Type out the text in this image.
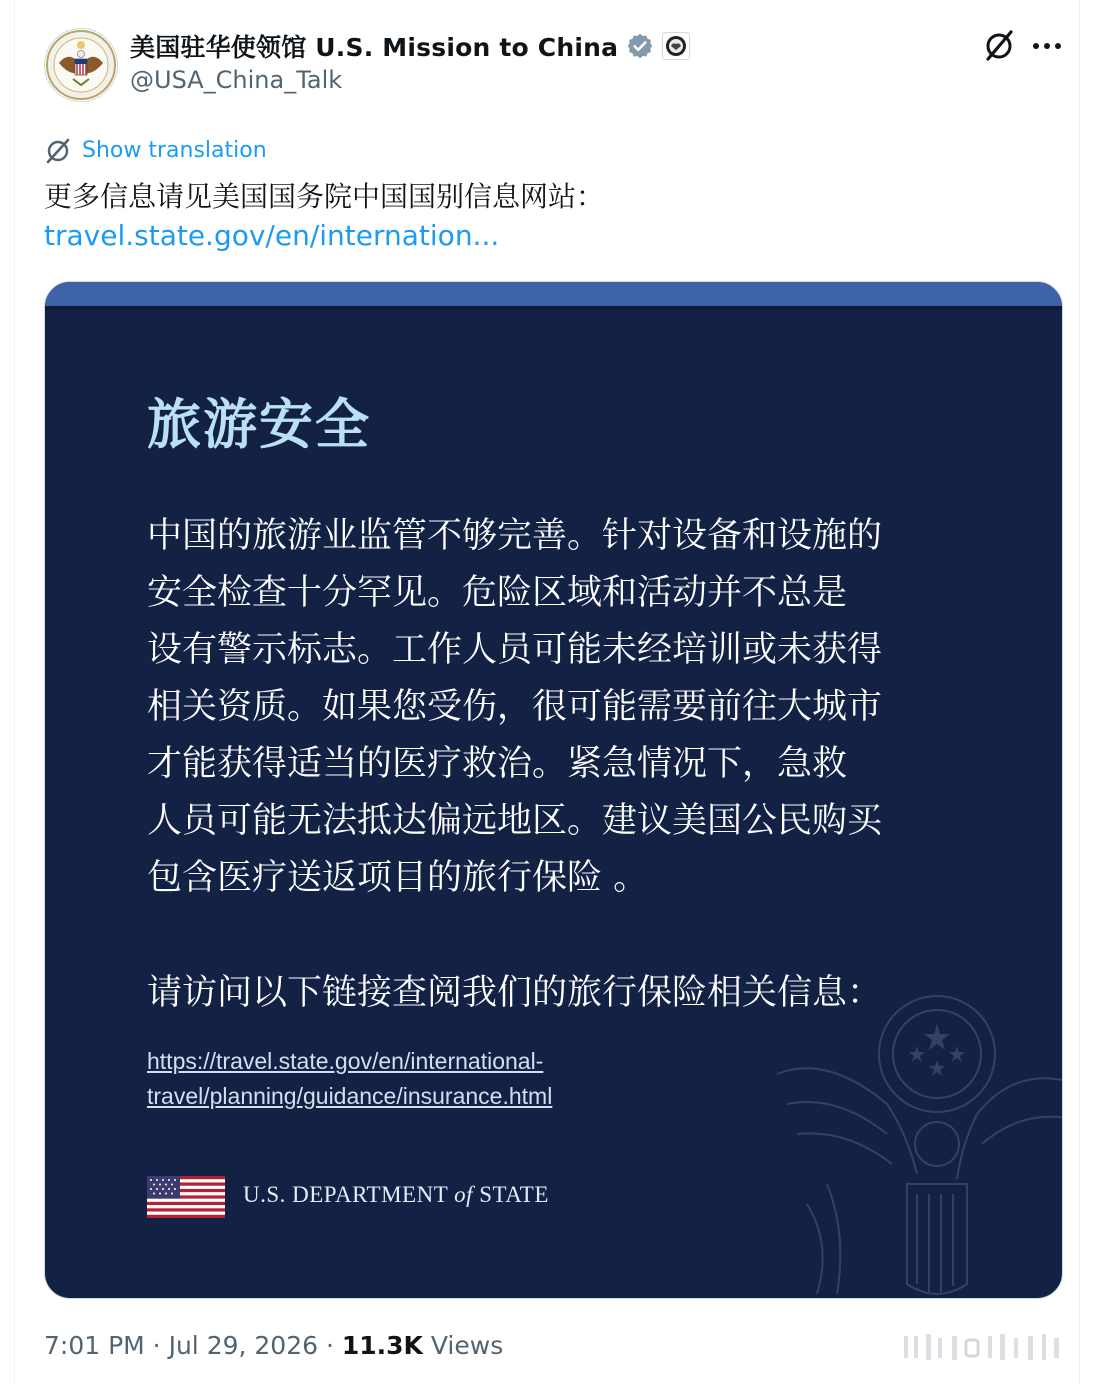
美国驻华使领馆 U.S. Mission to China
@USA_China_Talk
Show translation
更多信息请见美国国务院中国国别信息网站：
travel.state.gov/en/internation...
旅游安全
中国的旅游业监管不够完善。针对设备和设施的
安全检查十分罕见。危险区域和活动并不总是
设有警示标志。工作人员可能未经培训或未获得
相关资质。如果您受伤，很可能需要前往大城市
才能获得适当的医疗救治。紧急情况下，急救
人员可能无法抵达偏远地区。建议美国公民购买
包含医疗送返项目的旅行保险 。
请访问以下链接查阅我们的旅行保险相关信息：
https://travel.state.gov/en/international-
travel/planning/guidance/insurance.html
U.S. DEPARTMENT of STATE
7:01 PM · Jul 29, 2026 · 11.3K Views
